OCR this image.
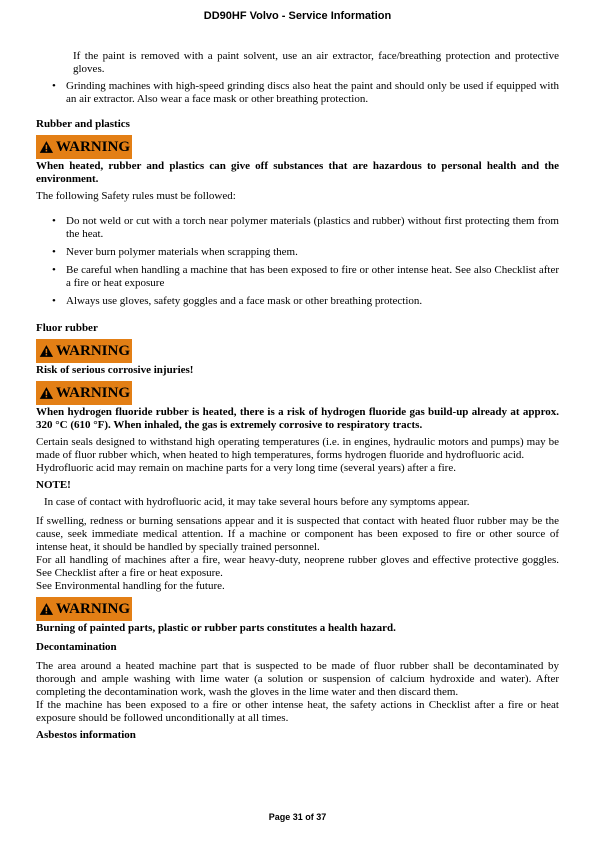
DD90HF Volvo - Service Information

If the paint is removed with a paint solvent, use an air extractor, face/breathing protection and protective gloves.

• Grinding machines with high-speed grinding discs also heat the paint and should only be used if equipped with an air extractor. Also wear a face mask or other breathing protection.

Rubber and plastics

WARNING

When heated, rubber and plastics can give off substances that are hazardous to personal health and the environment.

The following Safety rules must be followed:

• Do not weld or cut with a torch near polymer materials (plastics and rubber) without first protecting them from the heat.
• Never burn polymer materials when scrapping them.
• Be careful when handling a machine that has been exposed to fire or other intense heat. See also Checklist after a fire or heat exposure
• Always use gloves, safety goggles and a face mask or other breathing protection.

Fluor rubber

WARNING

Risk of serious corrosive injuries!

WARNING

When hydrogen fluoride rubber is heated, there is a risk of hydrogen fluoride gas build-up already at approx. 320 °C (610 °F). When inhaled, the gas is extremely corrosive to respiratory tracts.

Certain seals designed to withstand high operating temperatures (i.e. in engines, hydraulic motors and pumps) may be made of fluor rubber which, when heated to high temperatures, forms hydrogen fluoride and hydrofluoric acid.

Hydrofluoric acid may remain on machine parts for a very long time (several years) after a fire.

NOTE!

In case of contact with hydrofluoric acid, it may take several hours before any symptoms appear.

If swelling, redness or burning sensations appear and it is suspected that contact with heated fluor rubber may be the cause, seek immediate medical attention. If a machine or component has been exposed to fire or other source of intense heat, it should be handled by specially trained personnel.

For all handling of machines after a fire, wear heavy-duty, neoprene rubber gloves and effective protective goggles. See Checklist after a fire or heat exposure.

See Environmental handling for the future.

WARNING

Burning of painted parts, plastic or rubber parts constitutes a health hazard.

Decontamination

The area around a heated machine part that is suspected to be made of fluor rubber shall be decontaminated by thorough and ample washing with lime water (a solution or suspension of calcium hydroxide and water). After completing the decontamination work, wash the gloves in the lime water and then discard them.

If the machine has been exposed to a fire or other intense heat, the safety actions in Checklist after a fire or heat exposure should be followed unconditionally at all times.

Asbestos information

Page 31 of 37
